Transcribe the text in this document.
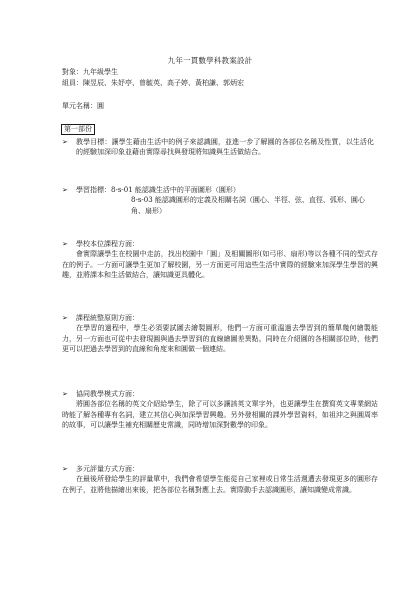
九年一貫數學科教案設計
對象：九年級學生
組員：陳昱辰、朱妤亭、曾毓英、高子婷、黃柏謙、郭炳宏
單元名稱：圓
第一部份
➢	教學目標：讓學生藉由生活中的例子來認識圓，並進一步了解圓的各部位名稱及性質，以生活化的經驗加深印象並藉由實際尋找與發現將知識與生活做結合。
➢	學習指標： 8-s-01 能認識生活中的平面圖形（圓形）
8-s-03 能認識圓形的定義及相關名詞（圓心、半徑、弦、直徑、弧形、圓心角、扇形）
➢	學校本位課程方面：

會實際讓學生在校園中走訪，找出校園中「圓」及相關圖形(如弓形、扇形)等以各種不同的型式存在的例子。一方面可讓學生更加了解校園，另一方面更可用這些生活中實際的經驗來加深學生學習的興趣，並將課本和生活做結合，讓知識更具體化。

➢	課程統整原則方面：

在學習的過程中，學生必須要試圖去繪製圓形，他們一方面可重溫過去學習到的簡單幾何繪製能力，另一方面也可從中去發現圓與過去學習到的直線繪圖差異點。同時在介紹圓的各相關部位時，他們更可以把過去學習到的直線和角度來和圓做一個連結。

➢	協同教學模式方面：

將圓各部位名稱的英文介紹給學生，除了可以多讓該英文單字外，也更讓學生在撰寫英文專業網站時能了解各種專有名詞，建立其信心與加深學習興趣。另外發相關的課外學習資料，如祖沖之與圓周率的故事，可以讓學生補充相關歷史常識，同時增加深對數學的印象。

➢	多元評量方式方面：

在最後所發給學生的評量單中，我們會希望學生能從自己家裡或日常生活週遭去發現更多的圓形存在例子，並將他描繪出來後，把各部位名稱對應上去。實際動手去認識圓形，讓知識變成常識。
